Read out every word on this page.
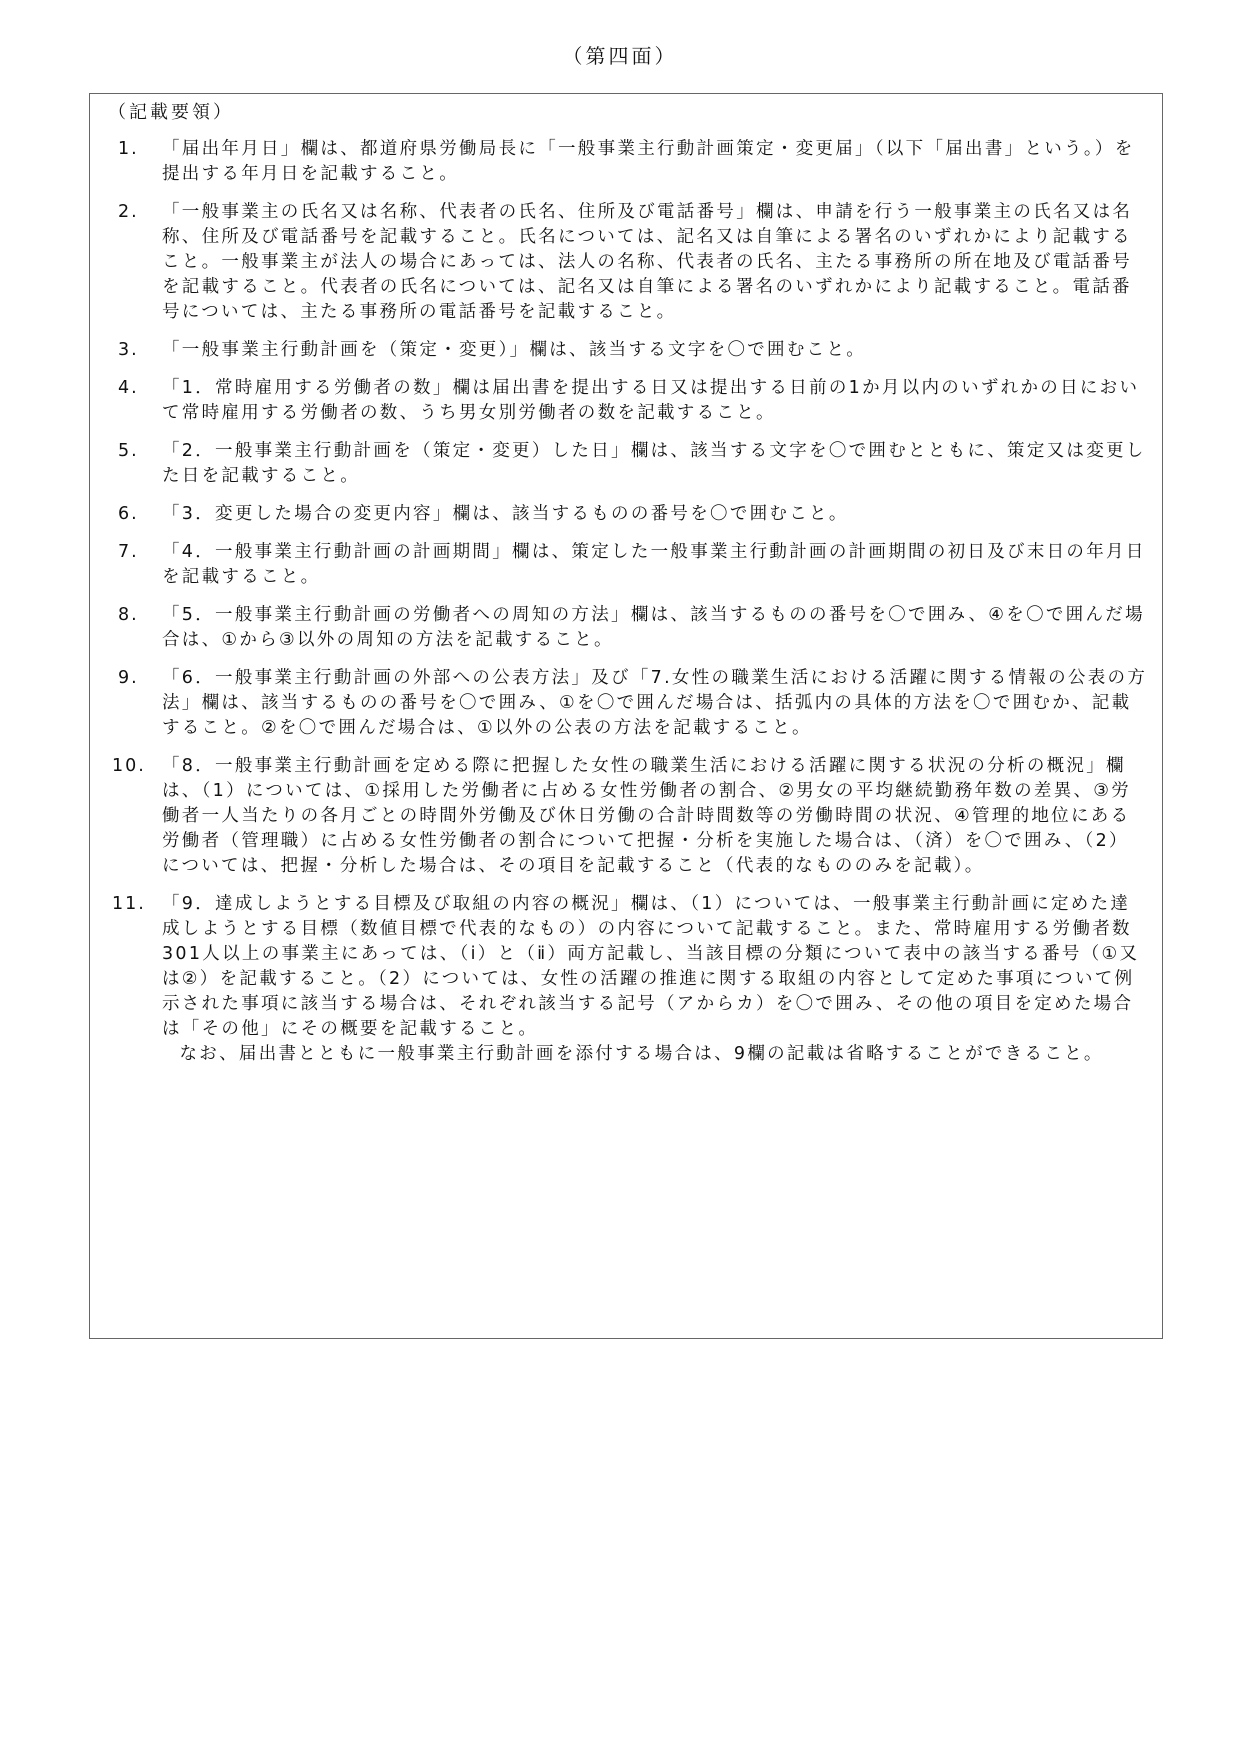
（第四面）
（記載要領）
1.	「届出年月日」欄は、都道府県労働局長に「一般事業主行動計画策定・変更届」（以下「届出書」という。）を提出する年月日を記載すること。
2.	「一般事業主の氏名又は名称、代表者の氏名、住所及び電話番号」欄は、申請を行う一般事業主の氏名又は名称、住所及び電話番号を記載すること。氏名については、記名又は自筆による署名のいずれかにより記載すること。一般事業主が法人の場合にあっては、法人の名称、代表者の氏名、主たる事務所の所在地及び電話番号を記載すること。代表者の氏名については、記名又は自筆による署名のいずれかにより記載すること。電話番号については、主たる事務所の電話番号を記載すること。
3.	「一般事業主行動計画を（策定・変更）」欄は、該当する文字を〇で囲むこと。
4.	「1．常時雇用する労働者の数」欄は届出書を提出する日又は提出する日前の1か月以内のいずれかの日において常時雇用する労働者の数、うち男女別労働者の数を記載すること。
5.	「2．一般事業主行動計画を（策定・変更）した日」欄は、該当する文字を〇で囲むとともに、策定又は変更した日を記載すること。
6.	「3．変更した場合の変更内容」欄は、該当するものの番号を〇で囲むこと。
7.	「4．一般事業主行動計画の計画期間」欄は、策定した一般事業主行動計画の計画期間の初日及び末日の年月日を記載すること。
8.	「5．一般事業主行動計画の労働者への周知の方法」欄は、該当するものの番号を〇で囲み、④を〇で囲んだ場合は、①から③以外の周知の方法を記載すること。
9.	「6．一般事業主行動計画の外部への公表方法」及び「7.女性の職業生活における活躍に関する情報の公表の方法」欄は、該当するものの番号を〇で囲み、①を〇で囲んだ場合は、括弧内の具体的方法を〇で囲むか、記載すること。②を〇で囲んだ場合は、①以外の公表の方法を記載すること。
10. 「8．一般事業主行動計画を定める際に把握した女性の職業生活における活躍に関する状況の分析の概況」欄は、（1）については、①採用した労働者に占める女性労働者の割合、②男女の平均継続勤務年数の差異、③労働者一人当たりの各月ごとの時間外労働及び休日労働の合計時間数等の労働時間の状況、④管理的地位にある労働者（管理職）に占める女性労働者の割合について把握・分析を実施した場合は、（済）を〇で囲み、（2）については、把握・分析した場合は、その項目を記載すること（代表的なもののみを記載）。
11. 「9．達成しようとする目標及び取組の内容の概況」欄は、（1）については、一般事業主行動計画に定めた達成しようとする目標（数値目標で代表的なもの）の内容について記載すること。また、常時雇用する労働者数301人以上の事業主にあっては、（ⅰ）と（ⅱ）両方記載し、当該目標の分類について表中の該当する番号（①又は②）を記載すること。（2）については、女性の活躍の推進に関する取組の内容として定めた事項について例示された事項に該当する場合は、それぞれ該当する記号（アからカ）を〇で囲み、その他の項目を定めた場合は「その他」にその概要を記載すること。
なお、届出書とともに一般事業主行動計画を添付する場合は、9欄の記載は省略することができること。
